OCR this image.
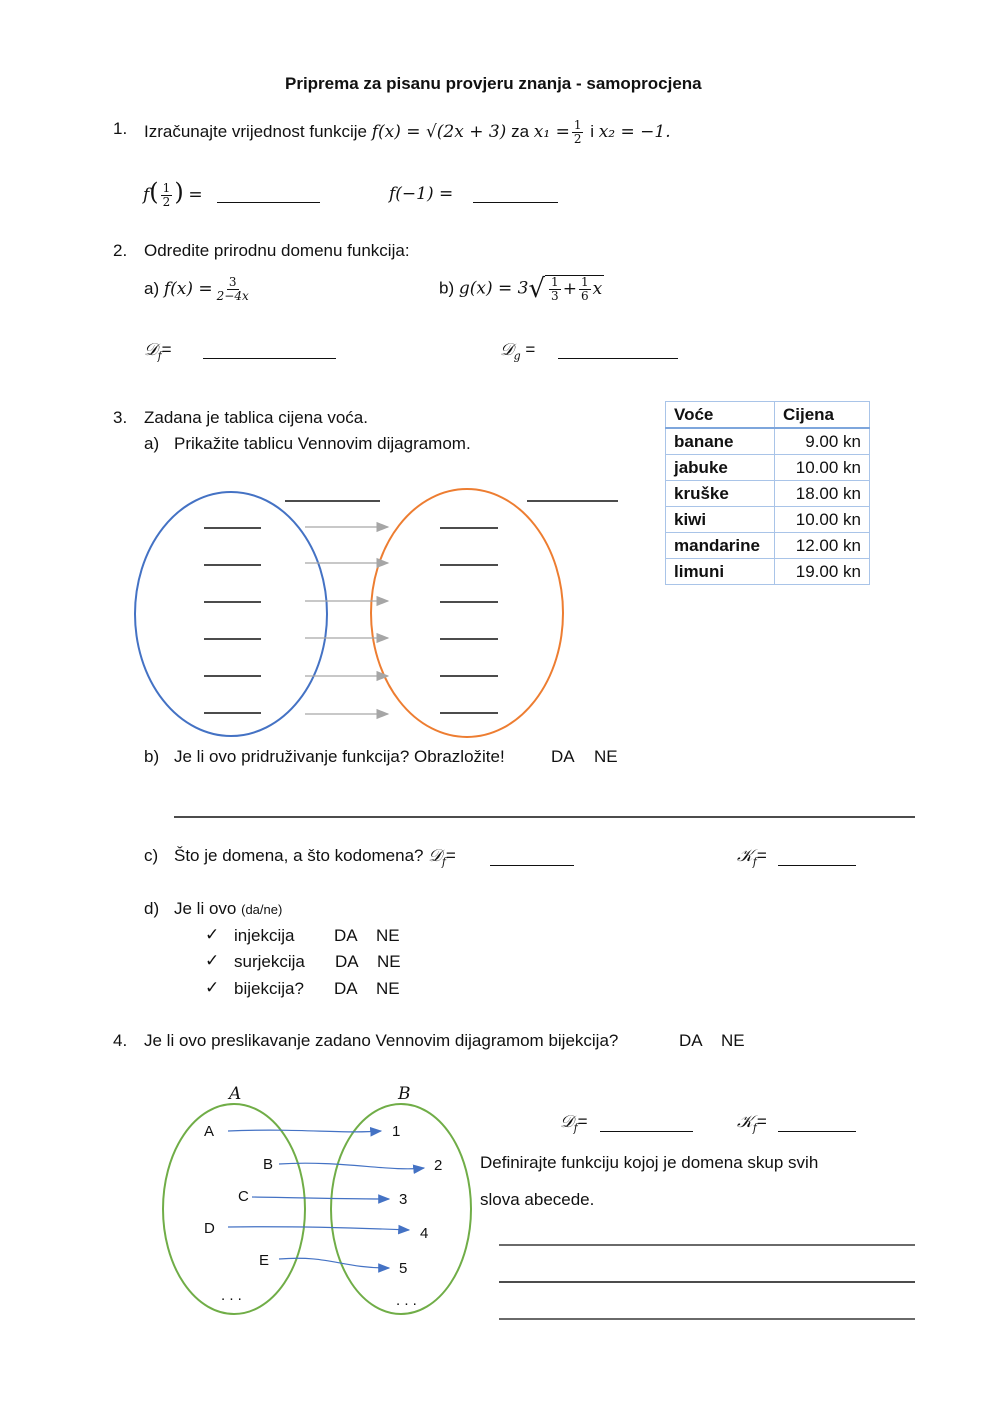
Priprema za pisanu provjeru znanja - samoprocjena
1. Izračunajte vrijednost funkcije f(x) = √(2x + 3) za $x_1 = \frac{1}{2}$ i x₂ = −1.
$f( \frac{1}{2}$ ) =	f(−1) =
2. Odredite prirodnu domenu funkcija:
a) $f(x) = \frac{3}{2-4x}$	b) $g(x) = 3√ \frac{1}{3} + \frac{1}{6}$ x
𝒟$_f$=	𝒟$_g$ =
3. Zadana je tablica cijena voća.
a) Prikažite tablicu Vennovim dijagramom.
Voće	Cijena
banane	9.00 kn
jabuke	10.00 kn
kruške	18.00 kn
kiwi	10.00 kn
mandarine	12.00 kn
limuni	19.00 kn
b) Je li ovo pridruživanje funkcija? Obrazložite!	DA NE
c) Što je domena, a što kodomena? 𝒟$_f$=	𝒦$_f$=
d) Je li ovo (da/ne)
✓ injekcija DA NE
✓ surjekcija DA NE
✓ bijekcija? DA NE
4. Je li ovo preslikavanje zadano Vennovim dijagramom bijekcija?	DA NE
A	B
A
B
C
D
E
. . .
1
2
3
4
5
. . .
𝒟$_f$=	𝒦$_f$=
Definirajte funkciju kojoj je domena skup svih
slova abecede.
